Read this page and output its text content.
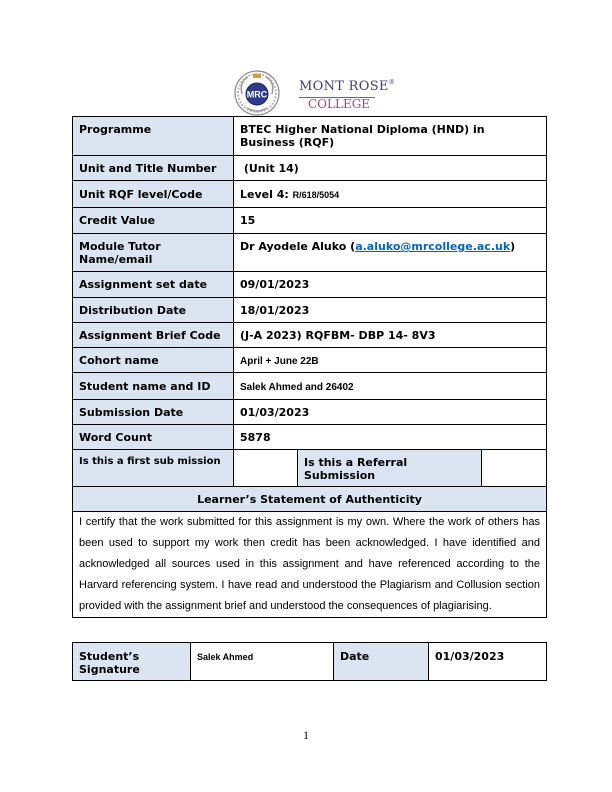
MRC
MONT ROSE®
COLLEGE
Programme	BTEC Higher National Diploma (HND) in Business (RQF)		
Unit and Title Number	(Unit 14)		
Unit RQF level/Code	Level 4: R/618/5054		
Credit Value	15		
Module Tutor Name/email	Dr Ayodele Aluko (a.aluko@mrcollege.ac.uk)		
Assignment set date	09/01/2023		
Distribution Date	18/01/2023		
Assignment Brief Code	(J-A 2023) RQFBM- DBP 14- 8V3		
Cohort name	April + June 22B		
Student name and ID	Salek Ahmed and 26402		
Submission Date	01/03/2023		
Word Count	5878		
Is this a first sub mission		Is this a Referral Submission	
Learner’s Statement of Authenticity			
I certify that the work submitted for this assignment is my own. Where the work of others has been used to support my work then credit has been acknowledged. I have identified and acknowledged all sources used in this assignment and have referenced according to the Harvard referencing system. I have read and understood the Plagiarism and Collusion section provided with the assignment brief and understood the consequences of plagiarising.			
Student’s Signature	Salek Ahmed	Date	01/03/2023
1
